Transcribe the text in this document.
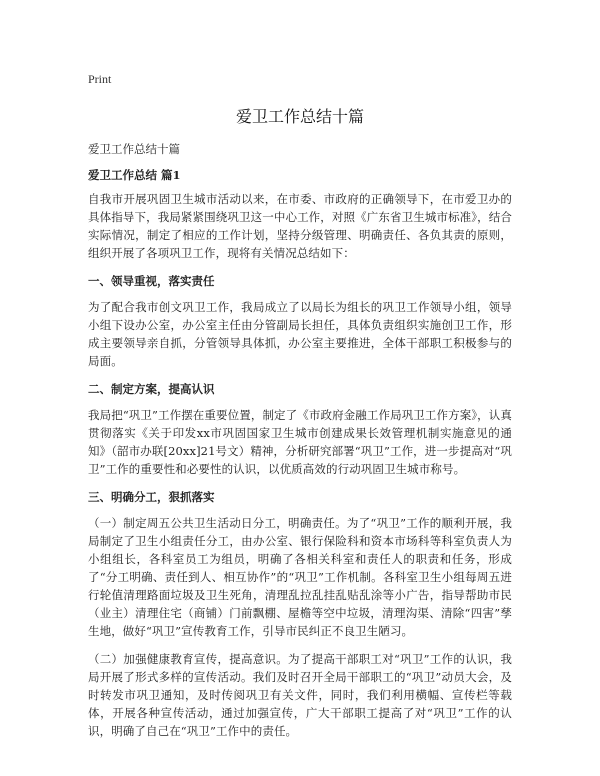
Print
爱卫工作总结十篇

爱卫工作总结十篇

爱卫工作总结 篇1

自我市开展巩固卫生城市活动以来，在市委、市政府的正确领导下，在市爱卫办的具体指导下，我局紧紧围绕巩卫这一中心工作，对照《广东省卫生城市标准》，结合实际情况，制定了相应的工作计划，坚持分级管理、明确责任、各负其责的原则，组织开展了各项巩卫工作，现将有关情况总结如下：

一、领导重视，落实责任

为了配合我市创文巩卫工作，我局成立了以局长为组长的巩卫工作领导小组，领导小组下设办公室，办公室主任由分管副局长担任，具体负责组织实施创卫工作，形成主要领导亲自抓，分管领导具体抓，办公室主要推进，全体干部职工积极参与的局面。

二、制定方案，提高认识

我局把“巩卫”工作摆在重要位置，制定了《市政府金融工作局巩卫工作方案》，认真贯彻落实《关于印发xx市巩固国家卫生城市创建成果长效管理机制实施意见的通知》（韶市办联[20xx]21号文）精神，分析研究部署“巩卫”工作，进一步提高对“巩卫”工作的重要性和必要性的认识，以优质高效的行动巩固卫生城市称号。

三、明确分工，狠抓落实

（一）制定周五公共卫生活动日分工，明确责任。为了“巩卫”工作的顺利开展，我局制定了卫生小组责任分工，由办公室、银行保险科和资本市场科等科室负责人为小组组长，各科室员工为组员，明确了各相关科室和责任人的职责和任务，形成了“分工明确、责任到人、相互协作”的“巩卫”工作机制。各科室卫生小组每周五进行轮值清理路面垃圾及卫生死角，清理乱拉乱挂乱贴乱涂等小广告，指导帮助市民（业主）清理住宅（商铺）门前飘棚、屋檐等空中垃圾，清理沟渠、清除“四害”孳生地，做好“巩卫”宣传教育工作，引导市民纠正不良卫生陋习。

（二）加强健康教育宣传，提高意识。为了提高干部职工对“巩卫”工作的认识，我局开展了形式多样的宣传活动。我们及时召开全局干部职工的“巩卫”动员大会，及时转发市巩卫通知，及时传阅巩卫有关文件，同时，我们利用横幅、宣传栏等载体，开展各种宣传活动，通过加强宣传，广大干部职工提高了对“巩卫”工作的认识，明确了自己在“巩卫”工作中的责任。
